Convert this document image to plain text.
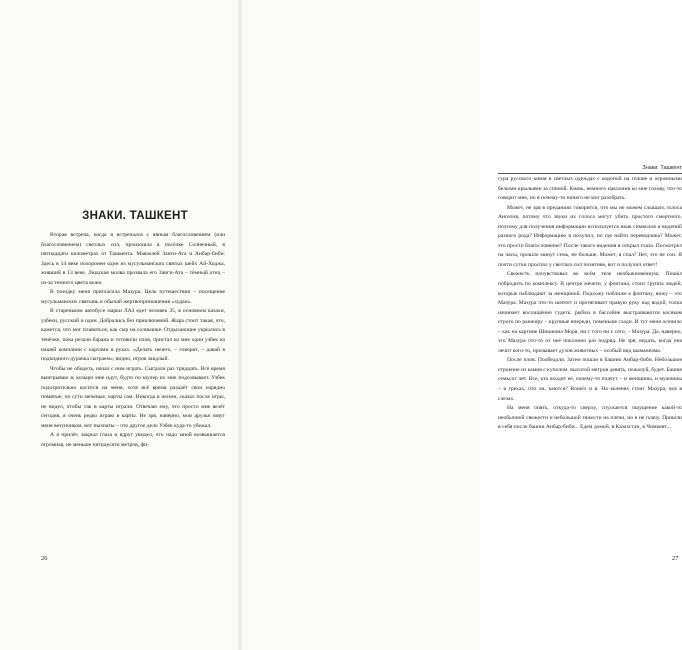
ЗНАКИ. ТАШКЕНТ

Вторая встреча, когда я встречался с явным благословением (или благословением) светлых сил, произошла в посёлке Солнечный, в пятнадцати километрах от Ташкента. Мавзолей Занги-Ата и Анбар-биби. Здесь в 14 веке похоронен один из мусульманских святых шейх Ай-Ходжа, живший в 13 веке. Людская молва прозвала его Занги-Ата – тёмный отец – из-за темного цвета кожи.

В поездку меня пригласила Мазура. Цель путешествия – посещение мусульманских святынь и обычай жертвоприношения «худаи».

В стареньком автобусе марки ЛАЗ едет человек 35, в основном казахи, узбеки, русский и один. Добрались без приключений. Жара стоит такая, что, кажется, что мог плавиться, как сыр на солнышке. Отдыхающие укрылись в тенёчке, пока резали барана и готовили плов, пристал ко мне один узбек из нашей компании с картами в руках. «Делать нечего, – говорит, – давай в подкидного дурачка сыграем»; видно, игрок заядлый.

Чтобы не обидеть, начал с ним играть. Сыграли раз тридцать. Всё время выигрываю я, козыри мне идут, будто по шулер их мне подсовывает. Узбек подозрительно косится на меня, хотя всё время раздаёт свои изрядно помятые, по сути меченые, карты сам. Никогда в жизни, сказал после игры, не видел, чтобы так в карты играли. Отвечаю ему, что просто мне везёт сегодня, я очень редко играю в карты. Не зря, наверно, мои друзья зовут меня везунчиком, вот пыхнаты – что другое дело Узбек куда-то убежал.

А я прилёг, закрыл глаза и вдруг увидел, что надо мной возвышается огромная, не меньше пятидесяти метров, фи-

26
Знаки. Ташкент

гура русского князя в светлых одеждах с короной на голове и огромными белыми крыльями за спиной. Князь, немного наклонив ко мне голову, что-то говорит мне, но я почему-то ничего не мог разобрать.

Может, не зря в преданиях говорится, что мы не можем слышать голоса Ангелов, потому что звуки их голоса могут убить простого смертного, поэтому для получения информации используется язык символов и видений разного рода? Информацию я получил, но где найти переводчика? Может, это просто благословение? После такого видения я открыл глаза. Посмотрел на часы, прошло минут семь, не больше. Может, я спал? Нет, это не сон. Я почти сутки проспал у светлых сил позитиве, вот и получил ответ!

Свежесть почувствовал во всём теле необыкновенную. Пошёл побродить по комплексу. В центре мечети, у фонтана, стоит группа людей, которые наблюдают за женщиной. Подхожу поближе к фонтану, вижу – это Мазура. Мазура что-то шептет и протягивает правую руку над водой, толпа начинает восхищённо гудеть: рыбки в бассейне выстраиваются косяком строго по ранжиру – крупные впереди, поменьше сзади. И тут меня осенило – как на картине Шишкина Моря, ни с того ни с сего, – Мазура. Да, наверно, это Мазура что-то от неё поклонно раз подряд. Не зря, видать, когда она лечит кого-то, призывает духов животных – особый вид шаманизма.

После плов. Пообедали. Затем пошли в башню Анбар-биби. Небольшое строение из камня с куполом, высотой метров девять, пожалуй, будет. Башне семьсот лет. Все, кто входит её, почему-то плачут – и женщины, и мужчины – в грехах, что ли, каются? Вошёл и я. На коленях стоит Мазура, вся в слезах.

На меня опять, откуда-то сверху, спускается ощущение какой-то необычной свежести и небольшой тяжести на плечи, но я не плачу. Пришли в себя после башни Анбар-биби... Едем домой, в Казахстан, в Чимкент...

27
